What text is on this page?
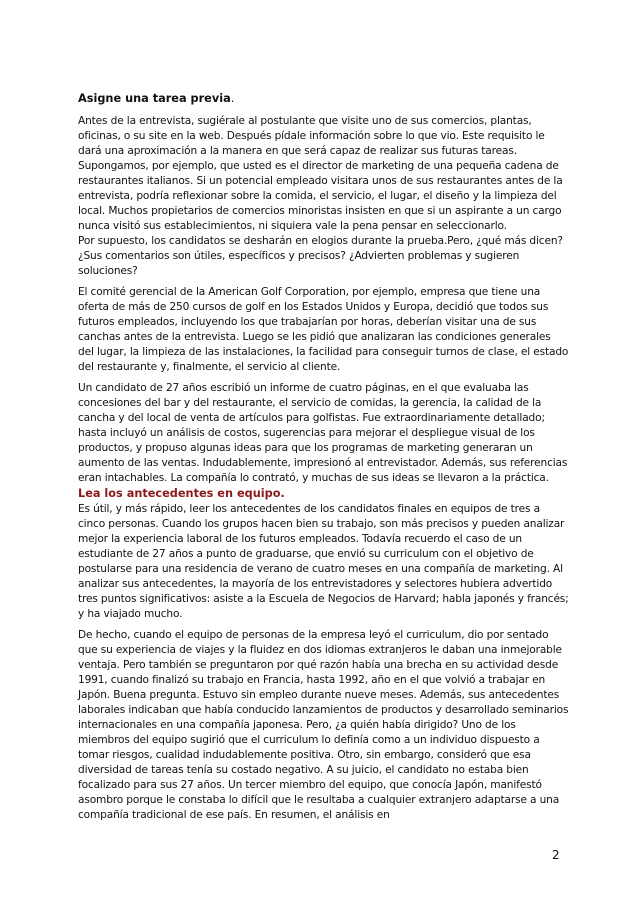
Asigne una tarea previa.

Antes de la entrevista, sugiérale al postulante que visite uno de sus comercios, plantas, oficinas, o su site en la web. Después pídale información sobre lo que vio. Este requisito le dará una aproximación a la manera en que será capaz de realizar sus futuras tareas. Supongamos, por ejemplo, que usted es el director de marketing de una pequeña cadena de restaurantes italianos. Si un potencial empleado visitara unos de sus restaurantes antes de la entrevista, podría reflexionar sobre la comida, el servicio, el lugar, el diseño y la limpieza del local. Muchos propietarios de comercios minoristas insisten en que si un aspirante a un cargo nunca visitó sus establecimientos, ni siquiera vale la pena pensar en seleccionarlo.

Por supuesto, los candidatos se desharán en elogios durante la prueba.Pero, ¿qué más dicen? ¿Sus comentarios son útiles, específicos y precisos? ¿Advierten problemas y sugieren soluciones?

El comité gerencial de la American Golf Corporation, por ejemplo, empresa que tiene una oferta de más de 250 cursos de golf en los Estados Unidos y Europa, decidió que todos sus futuros empleados, incluyendo los que trabajarían por horas, deberían visitar una de sus canchas antes de la entrevista. Luego se les pidió que analizaran las condiciones generales del lugar, la limpieza de las instalaciones, la facilidad para conseguir turnos de clase, el estado del restaurante y, finalmente, el servicio al cliente.

Un candidato de 27 años escribió un informe de cuatro páginas, en el que evaluaba las concesiones del bar y del restaurante, el servicio de comidas, la gerencia, la calidad de la cancha y del local de venta de artículos para golfistas. Fue extraordinariamente detallado; hasta incluyó un análisis de costos, sugerencias para mejorar el despliegue visual de los productos, y propuso algunas ideas para que los programas de marketing generaran un aumento de las ventas. Indudablemente, impresionó al entrevistador. Además, sus referencias eran intachables. La compañía lo contrató, y muchas de sus ideas se llevaron a la práctica.

Lea los antecedentes en equipo.

Es útil, y más rápido, leer los antecedentes de los candidatos finales en equipos de tres a cinco personas. Cuando los grupos hacen bien su trabajo, son más precisos y pueden analizar mejor la experiencia laboral de los futuros empleados. Todavía recuerdo el caso de un estudiante de 27 años a punto de graduarse, que envió su curriculum con el objetivo de postularse para una residencia de verano de cuatro meses en una compañía de marketing. Al analizar sus antecedentes, la mayoría de los entrevistadores y selectores hubiera advertido tres puntos significativos: asiste a la Escuela de Negocios de Harvard; habla japonés y francés; y ha viajado mucho.

De hecho, cuando el equipo de personas de la empresa leyó el curriculum, dio por sentado que su experiencia de viajes y la fluidez en dos idiomas extranjeros le daban una inmejorable ventaja. Pero también se preguntaron por qué razón había una brecha en su actividad desde 1991, cuando finalizó su trabajo en Francia, hasta 1992, año en el que volvió a trabajar en Japón. Buena pregunta. Estuvo sin empleo durante nueve meses. Además, sus antecedentes laborales indicaban que había conducido lanzamientos de productos y desarrollado seminarios internacionales en una compañía japonesa. Pero, ¿a quién había dirigido? Uno de los miembros del equipo sugirió que el curriculum lo definía como a un individuo dispuesto a tomar riesgos, cualidad indudablemente positiva. Otro, sin embargo, consideró que esa diversidad de tareas tenía su costado negativo. A su juicio, el candidato no estaba bien focalizado para sus 27 años. Un tercer miembro del equipo, que conocía Japón, manifestó asombro porque le constaba lo difícil que le resultaba a cualquier extranjero adaptarse a una compañía tradicional de ese país. En resumen, el análisis en

2
